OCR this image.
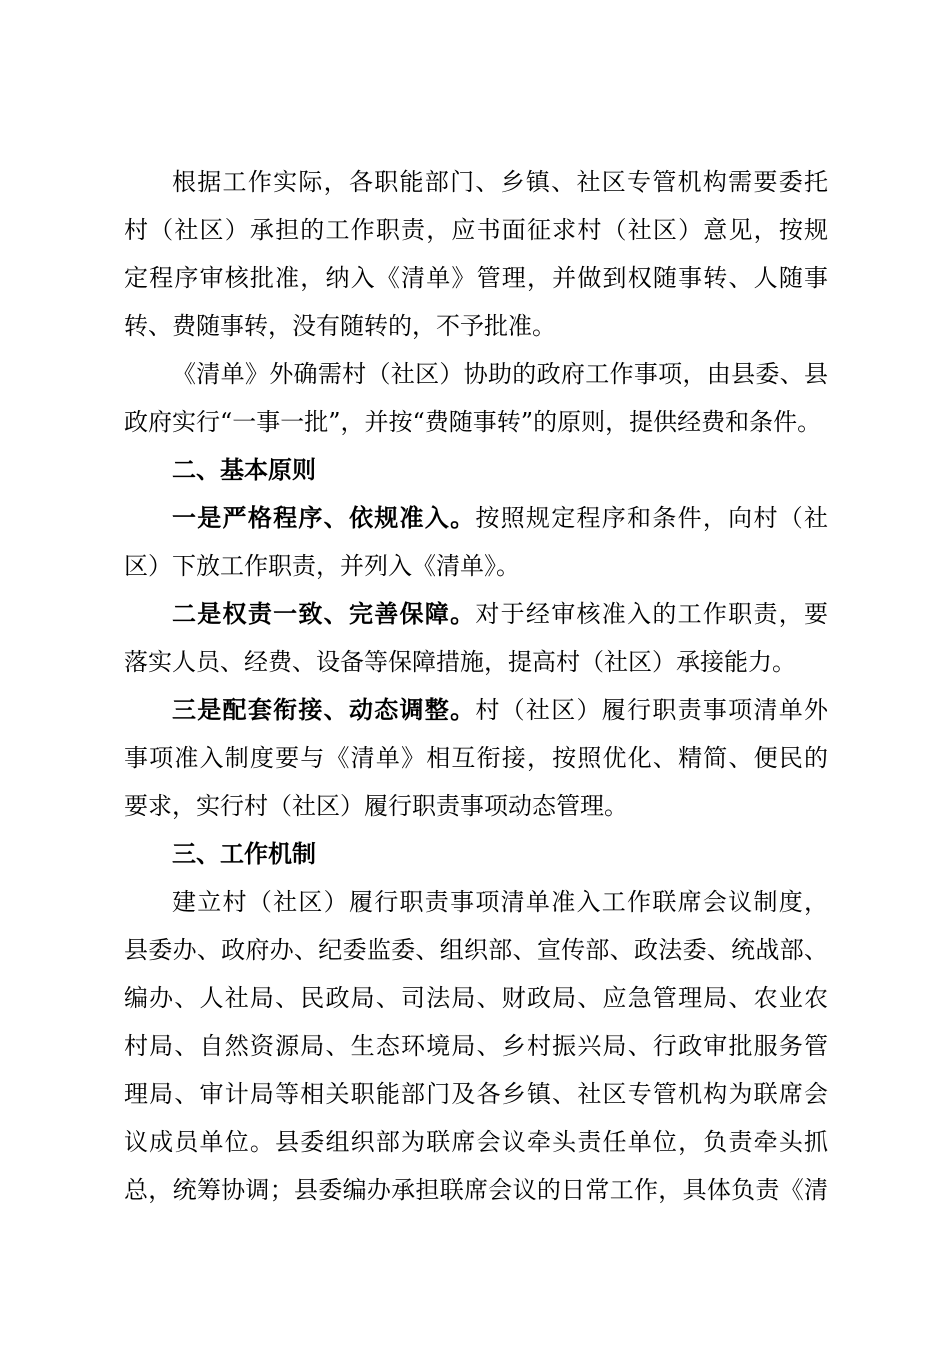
根据工作实际，各职能部门、乡镇、社区专管机构需要委托
村（社区）承担的工作职责，应书面征求村（社区）意见，按规
定程序审核批准，纳入《清单》管理，并做到权随事转、人随事
转、费随事转，没有随转的，不予批准。
《清单》外确需村（社区）协助的政府工作事项，由县委、县
政府实行“一事一批”，并按“费随事转”的原则，提供经费和条件。
二、基本原则
一是严格程序、依规准入。按照规定程序和条件，向村（社
区）下放工作职责，并列入《清单》。
二是权责一致、完善保障。对于经审核准入的工作职责，要
落实人员、经费、设备等保障措施，提高村（社区）承接能力。
三是配套衔接、动态调整。村（社区）履行职责事项清单外
事项准入制度要与《清单》相互衔接，按照优化、精简、便民的
要求，实行村（社区）履行职责事项动态管理。
三、工作机制
建立村（社区）履行职责事项清单准入工作联席会议制度，
县委办、政府办、纪委监委、组织部、宣传部、政法委、统战部、
编办、人社局、民政局、司法局、财政局、应急管理局、农业农
村局、自然资源局、生态环境局、乡村振兴局、行政审批服务管
理局、审计局等相关职能部门及各乡镇、社区专管机构为联席会
议成员单位。县委组织部为联席会议牵头责任单位，负责牵头抓
总，统筹协调；县委编办承担联席会议的日常工作，具体负责《清
